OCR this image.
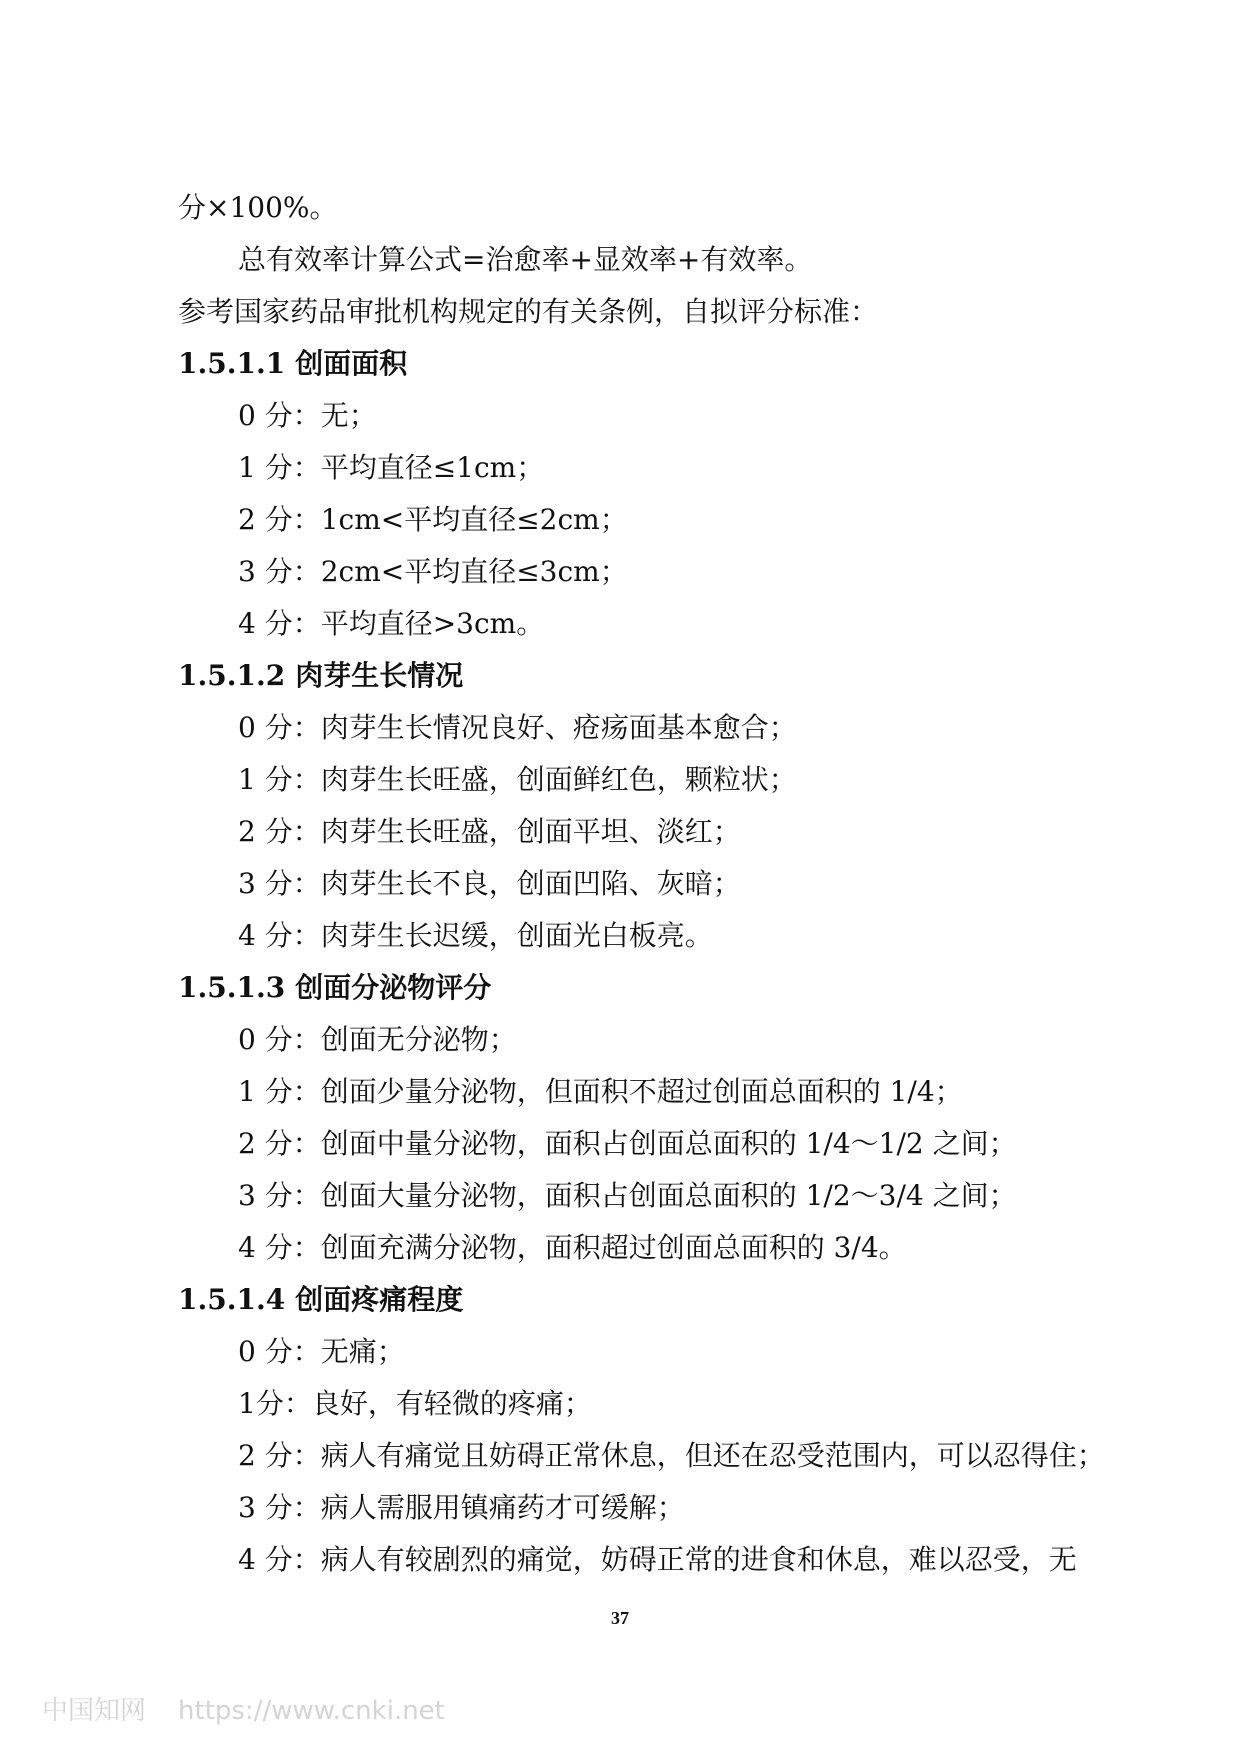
分×100%。
总有效率计算公式=治愈率+显效率+有效率。
参考国家药品审批机构规定的有关条例，自拟评分标准：
1.5.1.1 创面面积
0 分：无；
1 分：平均直径≤1cm；
2 分：1cm<平均直径≤2cm；
3 分：2cm<平均直径≤3cm；
4 分：平均直径>3cm。
1.5.1.2 肉芽生长情况
0 分：肉芽生长情况良好、疮疡面基本愈合；
1 分：肉芽生长旺盛，创面鲜红色，颗粒状；
2 分：肉芽生长旺盛，创面平坦、淡红；
3 分：肉芽生长不良，创面凹陷、灰暗；
4 分：肉芽生长迟缓，创面光白板亮。
1.5.1.3 创面分泌物评分
0 分：创面无分泌物；
1 分：创面少量分泌物，但面积不超过创面总面积的 1/4；
2 分：创面中量分泌物，面积占创面总面积的 1/4～1/2 之间；
3 分：创面大量分泌物，面积占创面总面积的 1/2～3/4 之间；
4 分：创面充满分泌物，面积超过创面总面积的 3/4。
1.5.1.4 创面疼痛程度
0 分：无痛；
1分：良好，有轻微的疼痛；
2 分：病人有痛觉且妨碍正常休息，但还在忍受范围内，可以忍得住；
3 分：病人需服用镇痛药才可缓解；
4 分：病人有较剧烈的痛觉，妨碍正常的进食和休息，难以忍受，无
37
中国知网 https://www.cnki.net
